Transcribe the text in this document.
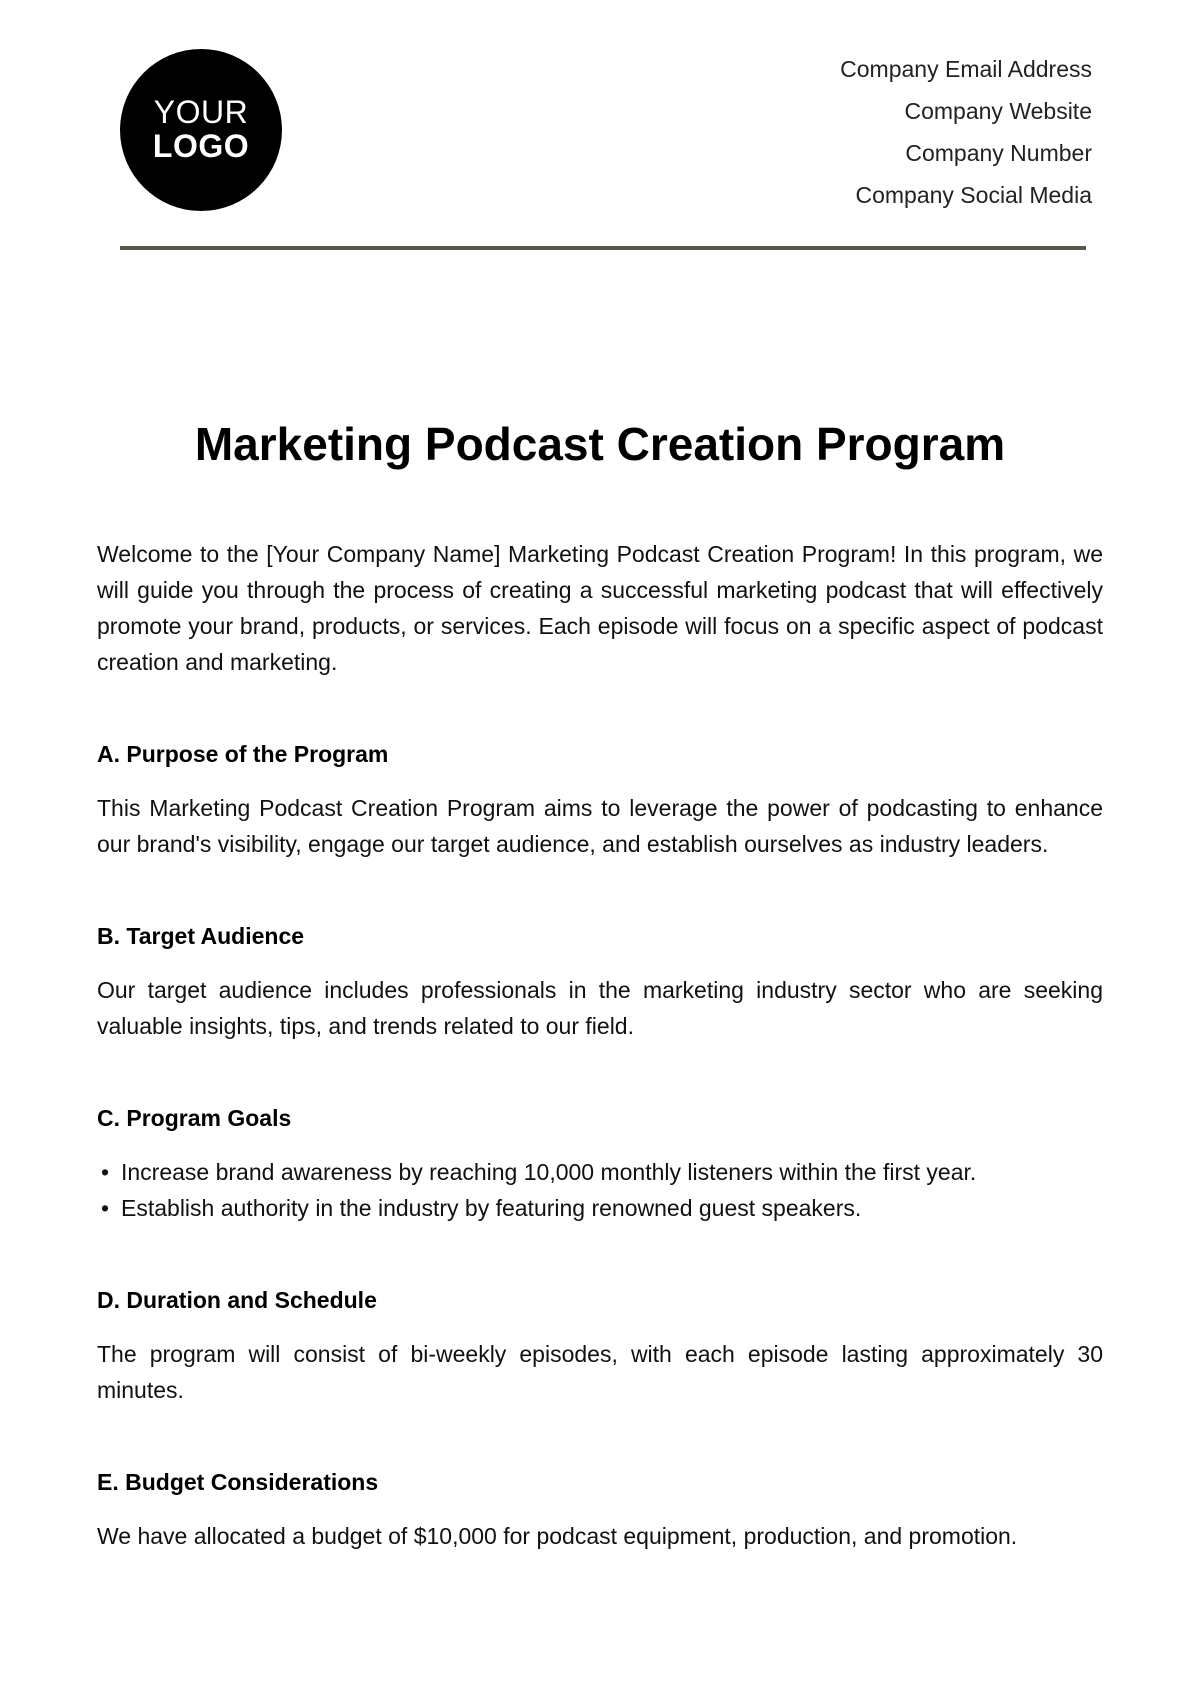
YOUR
LOGO
Company Email Address
Company Website
Company Number
Company Social Media
Marketing Podcast Creation Program

Welcome to the [Your Company Name] Marketing Podcast Creation Program! In this program, we will guide you through the process of creating a successful marketing podcast that will effectively promote your brand, products, or services. Each episode will focus on a specific aspect of podcast creation and marketing.

A. Purpose of the Program

This Marketing Podcast Creation Program aims to leverage the power of podcasting to enhance our brand's visibility, engage our target audience, and establish ourselves as industry leaders.

B. Target Audience

Our target audience includes professionals in the marketing industry sector who are seeking valuable insights, tips, and trends related to our field.

C. Program Goals
• Increase brand awareness by reaching 10,000 monthly listeners within the first year.
• Establish authority in the industry by featuring renowned guest speakers.
D. Duration and Schedule

The program will consist of bi-weekly episodes, with each episode lasting approximately 30 minutes.

E. Budget Considerations

We have allocated a budget of $10,000 for podcast equipment, production, and promotion.
